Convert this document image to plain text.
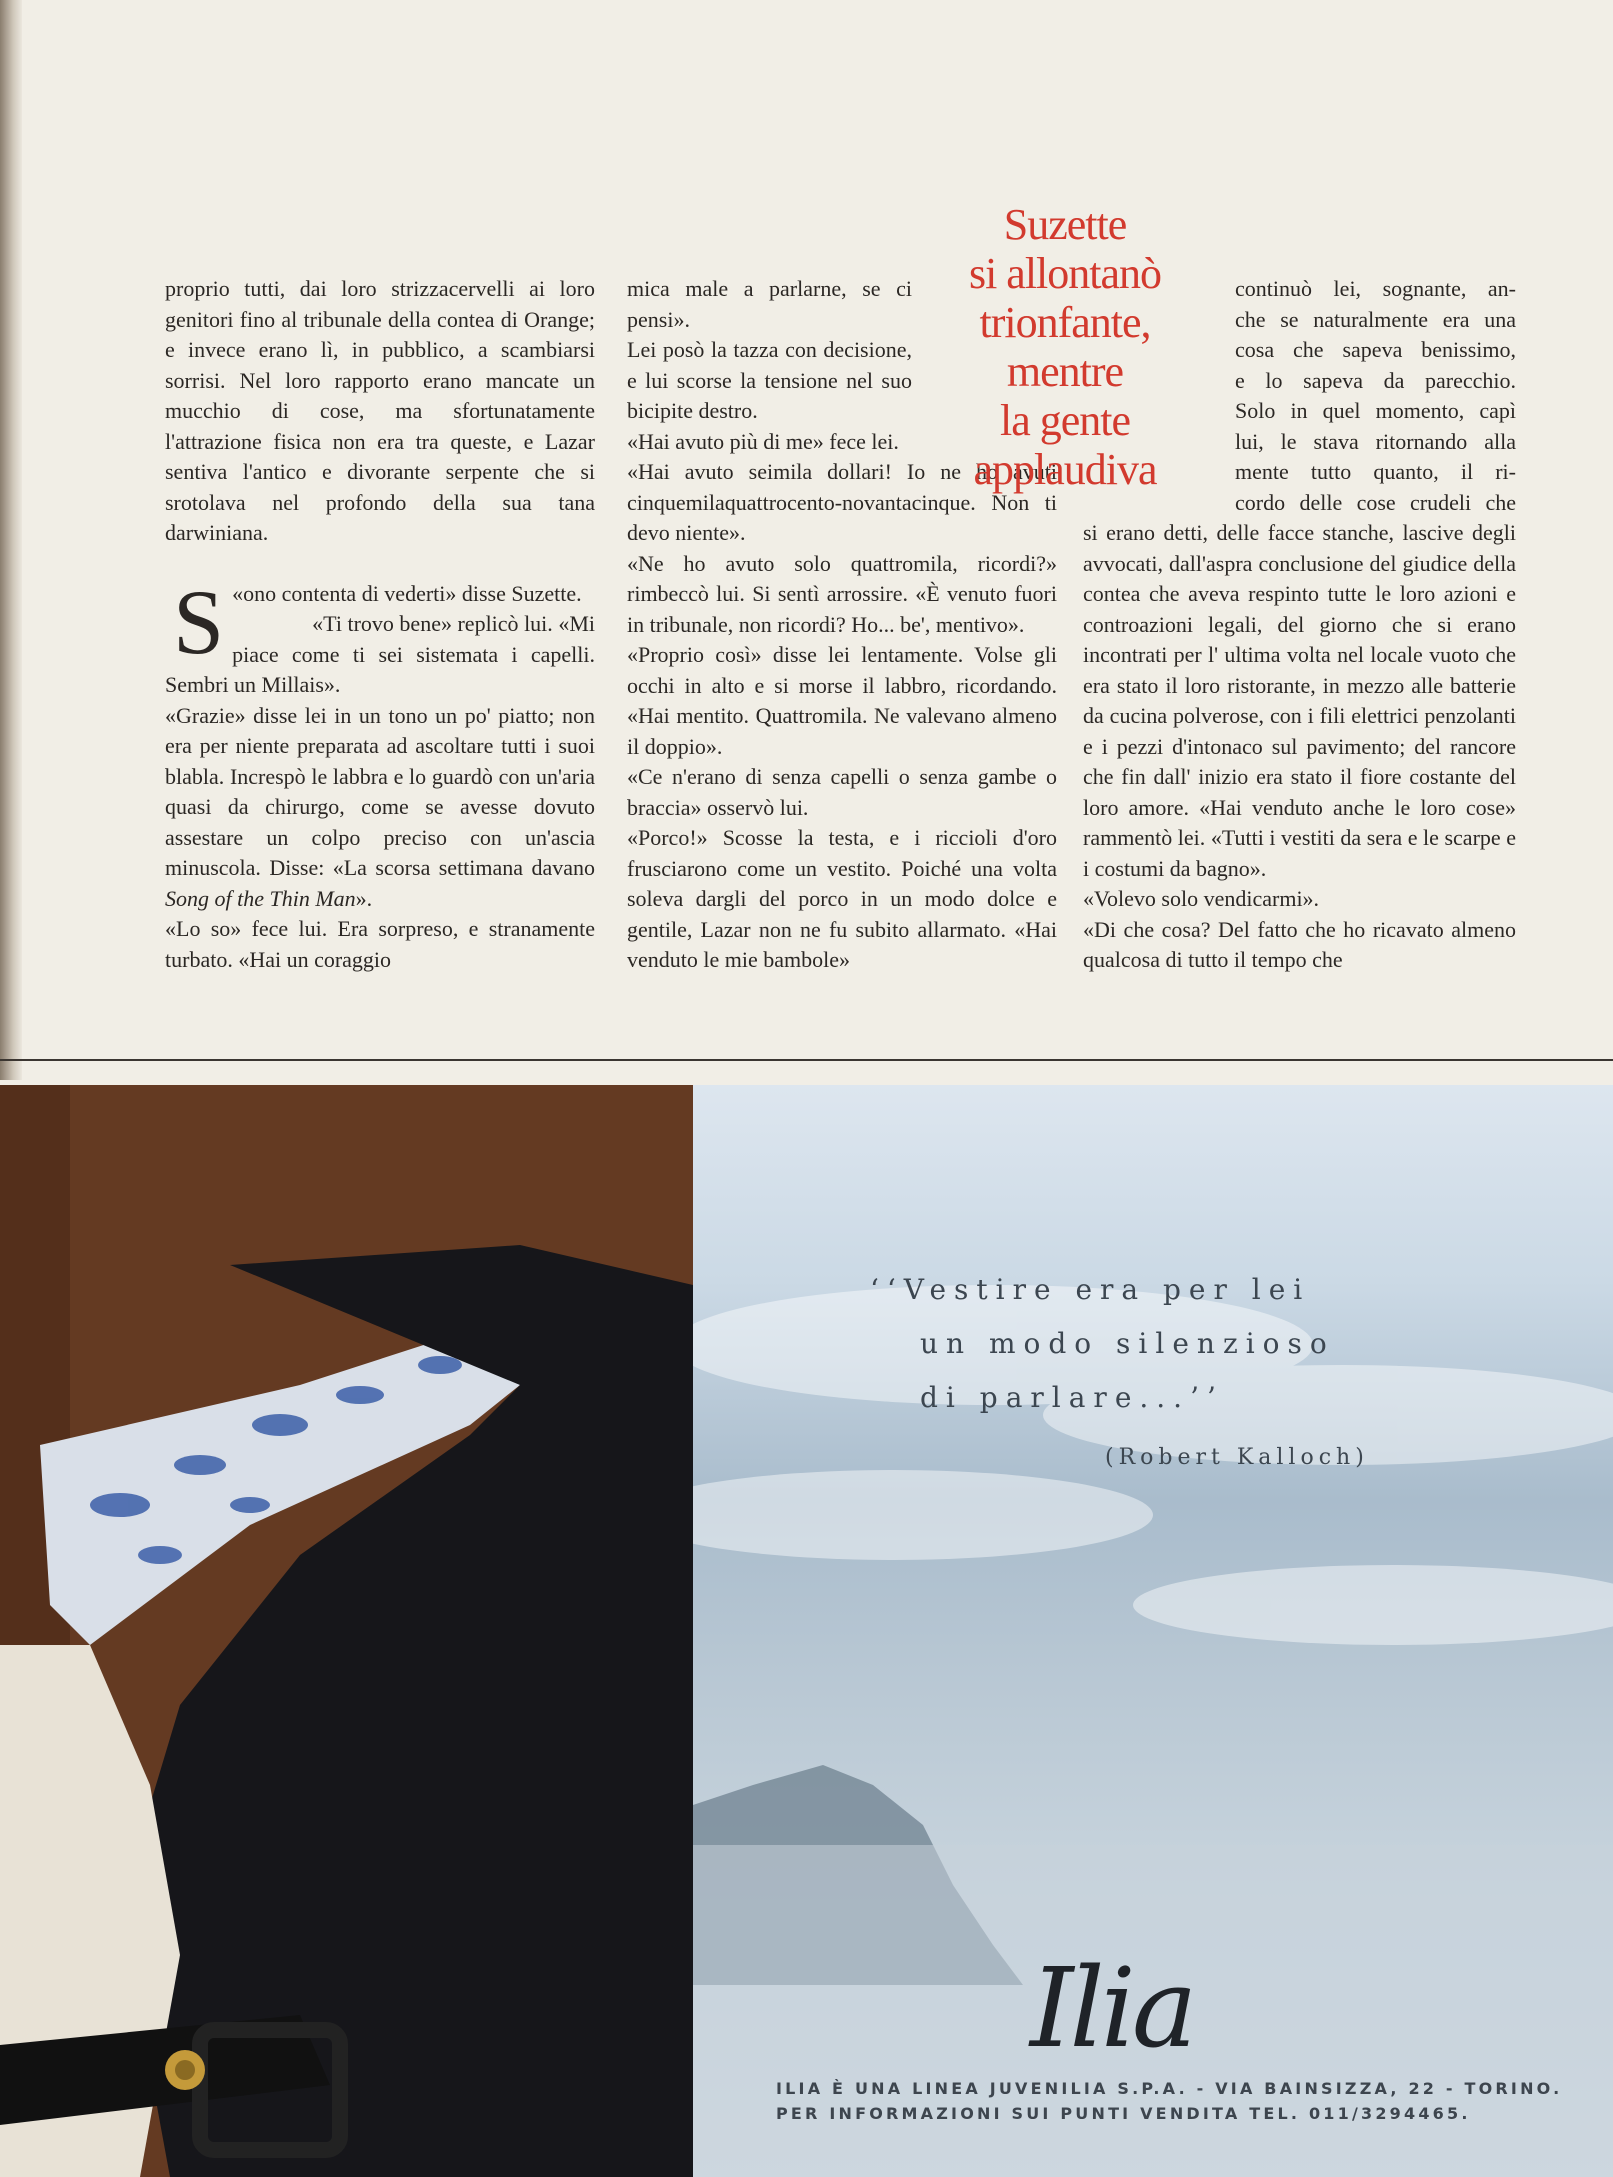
proprio tutti, dai loro strizzacervelli ai loro genitori fino al tribunale della contea di Orange; e invece erano lì, in pubblico, a scambiarsi sorrisi. Nel loro rapporto erano mancate un mucchio di cose, ma sfortunatamente l'attrazione fisica non era tra queste, e Lazar sentiva l'antico e divorante serpente che si srotolava nel profondo della sua tana darwiniana.

«
S ono contenta di vederti» disse Suzette.

«Ti trovo bene» replicò lui. «Mi piace come ti sei sistemata i capelli. Sembri un Millais».

«Grazie» disse lei in un tono un po' piatto; non era per niente preparata ad ascoltare tutti i suoi blabla. Increspò le labbra e lo guardò con un'aria quasi da chirurgo, come se avesse dovuto assestare un colpo preciso con un'ascia minuscola. Disse: «La scorsa settimana davano Song of the Thin Man».

«Lo so» fece lui. Era sorpreso, e stranamente turbato. «Hai un coraggio

mica male a parlarne, se ci pensi».

Lei posò la tazza con decisione, e lui scorse la tensione nel suo bicipite destro.

«Hai avuto più di me» fece lei.

«Hai avuto seimila dollari! Io ne ho avuti cinquemilaquattrocento-novantacinque. Non ti devo niente».

«Ne ho avuto solo quattromila, ricordi?» rimbeccò lui. Si sentì arrossire. «È venuto fuori in tribunale, non ricordi? Ho... be', mentivo».

«Proprio così» disse lei lentamente. Volse gli occhi in alto e si morse il labbro, ricordando. «Hai mentito. Quattromila. Ne valevano almeno il doppio».

«Ce n'erano di senza capelli o senza gambe o braccia» osservò lui.

«Porco!» Scosse la testa, e i riccioli d'oro frusciarono come un vestito. Poiché una volta soleva dargli del porco in un modo dolce e gentile, Lazar non ne fu subito allarmato. «Hai venduto le mie bambole»

Suzette
si allontanò
trionfante,
mentre
la gente
applaudiva
continuò lei, sognante, an-
che se naturalmente era una
cosa che sapeva benissimo,
e lo sapeva da parecchio.
Solo in quel momento, capì
lui, le stava ritornando alla
mente tutto quanto, il ri-
cordo delle cose crudeli che

si erano detti, delle facce stanche, lascive degli avvocati, dall'aspra conclusione del giudice della contea che aveva respinto tutte le loro azioni e controazioni legali, del giorno che si erano incontrati per l' ultima volta nel locale vuoto che era stato il loro ristorante, in mezzo alle batterie da cucina polverose, con i fili elettrici penzolanti e i pezzi d'intonaco sul pavimento; del rancore che fin dall' inizio era stato il fiore costante del loro amore. «Hai venduto anche le loro cose» rammentò lei. «Tutti i vestiti da sera e le scarpe e i costumi da bagno».

«Volevo solo vendicarmi».

«Di che cosa? Del fatto che ho ricavato almeno qualcosa di tutto il tempo che

‘‘Vestire era per lei
un modo silenzioso
di parlare...’’
(Robert Kalloch)
Ilia
ILIA È UNA LINEA JUVENILIA S.P.A. - VIA BAINSIZZA, 22 - TORINO.
PER INFORMAZIONI SUI PUNTI VENDITA TEL. 011/3294465.
